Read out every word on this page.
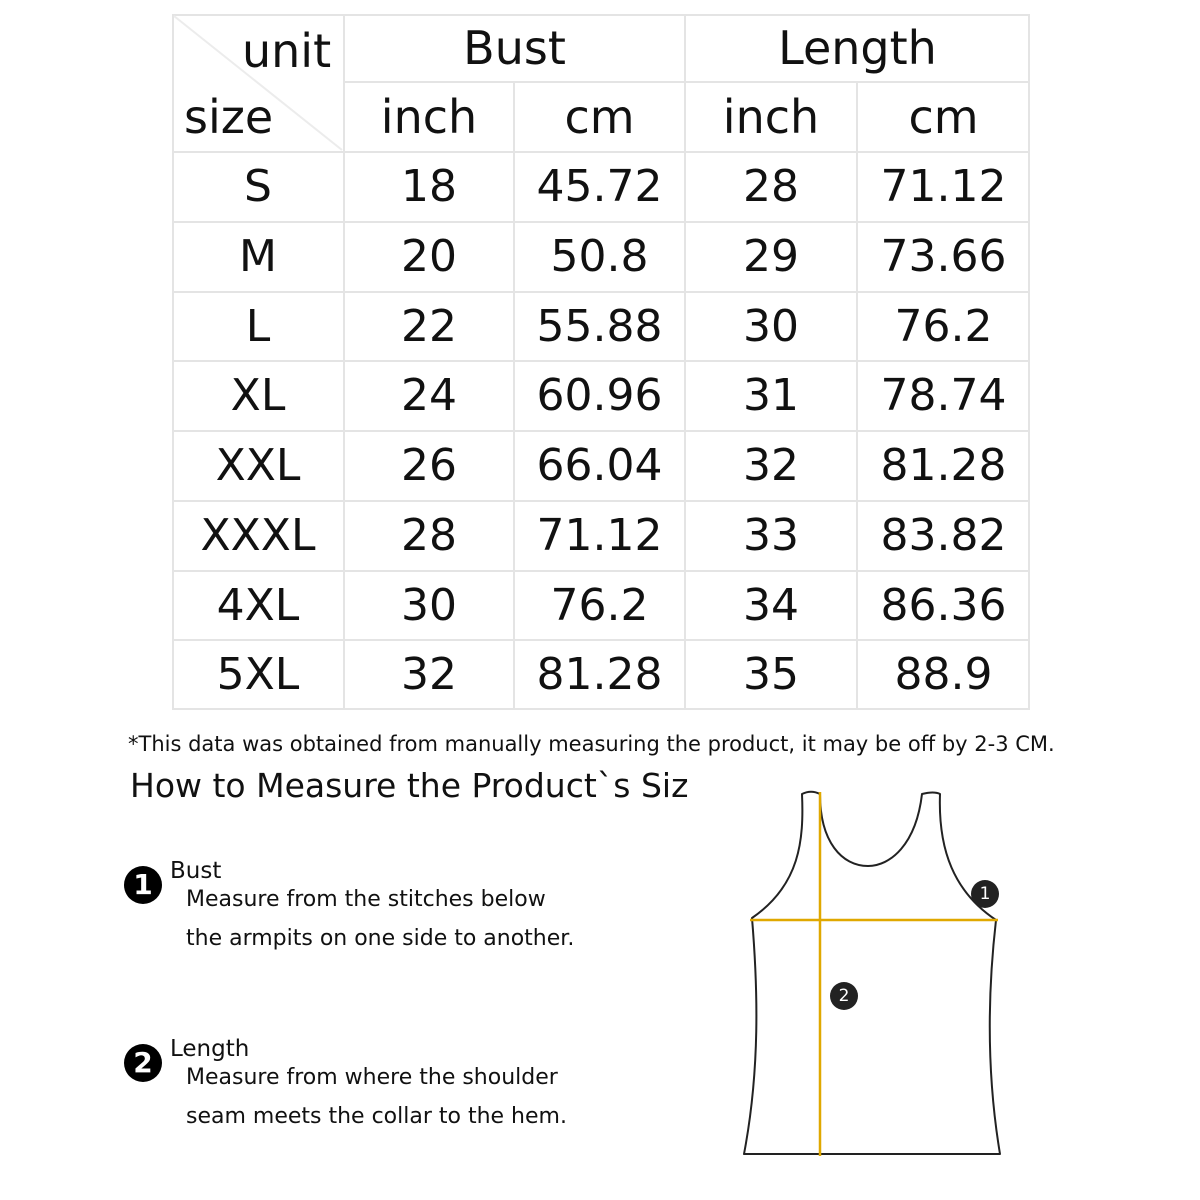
unit
size
Bust	Length
inch	cm	inch	cm
S	18	45.72	28	71.12
M	20	50.8	29	73.66
L	22	55.88	30	76.2
XL	24	60.96	31	78.74
XXL	26	66.04	32	81.28
XXXL	28	71.12	33	83.82
4XL	30	76.2	34	86.36
5XL	32	81.28	35	88.9
*This data was obtained from manually measuring the product, it may be off by 2-3 CM.
How to Measure the Product`s Siz
1 Bust
Measure from the stitches below
the armpits on one side to another.
2 Length
Measure from where the shoulder
seam meets the collar to the hem.
1
2
